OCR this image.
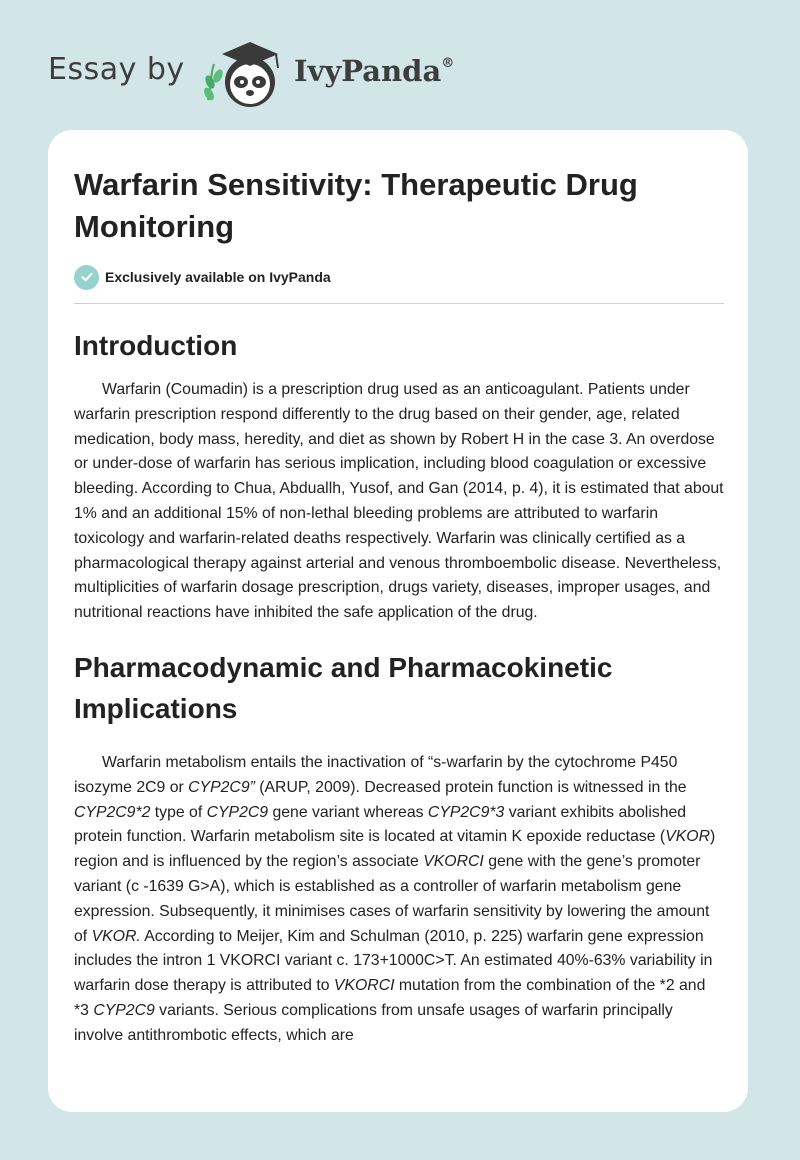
Essay by	IvyPanda®
Warfarin Sensitivity: Therapeutic Drug Monitoring
Exclusively available on IvyPanda
Introduction

Warfarin (Coumadin) is a prescription drug used as an anticoagulant. Patients under warfarin prescription respond differently to the drug based on their gender, age, related medication, body mass, heredity, and diet as shown by Robert H in the case 3. An overdose or under-dose of warfarin has serious implication, including blood coagulation or excessive bleeding. According to Chua, Abduallh, Yusof, and Gan (2014, p. 4), it is estimated that about 1% and an additional 15% of non-lethal bleeding problems are attributed to warfarin toxicology and warfarin-related deaths respectively. Warfarin was clinically certified as a pharmacological therapy against arterial and venous thromboembolic disease. Nevertheless, multiplicities of warfarin dosage prescription, drugs variety, diseases, improper usages, and nutritional reactions have inhibited the safe application of the drug.

Pharmacodynamic and Pharmacokinetic Implications

Warfarin metabolism entails the inactivation of “s-warfarin by the cytochrome P450 isozyme 2C9 or CYP2C9” (ARUP, 2009). Decreased protein function is witnessed in the CYP2C9*2 type of CYP2C9 gene variant whereas CYP2C9*3 variant exhibits abolished protein function. Warfarin metabolism site is located at vitamin K epoxide reductase (VKOR) region and is influenced by the region’s associate VKORCI gene with the gene’s promoter variant (c -1639 G>A), which is established as a controller of warfarin metabolism gene expression. Subsequently, it minimises cases of warfarin sensitivity by lowering the amount of VKOR. According to Meijer, Kim and Schulman (2010, p. 225) warfarin gene expression includes the intron 1 VKORCI variant c. 173+1000C>T. An estimated 40%-63% variability in warfarin dose therapy is attributed to VKORCI mutation from the combination of the *2 and *3 CYP2C9 variants. Serious complications from unsafe usages of warfarin principally involve antithrombotic effects, which are
